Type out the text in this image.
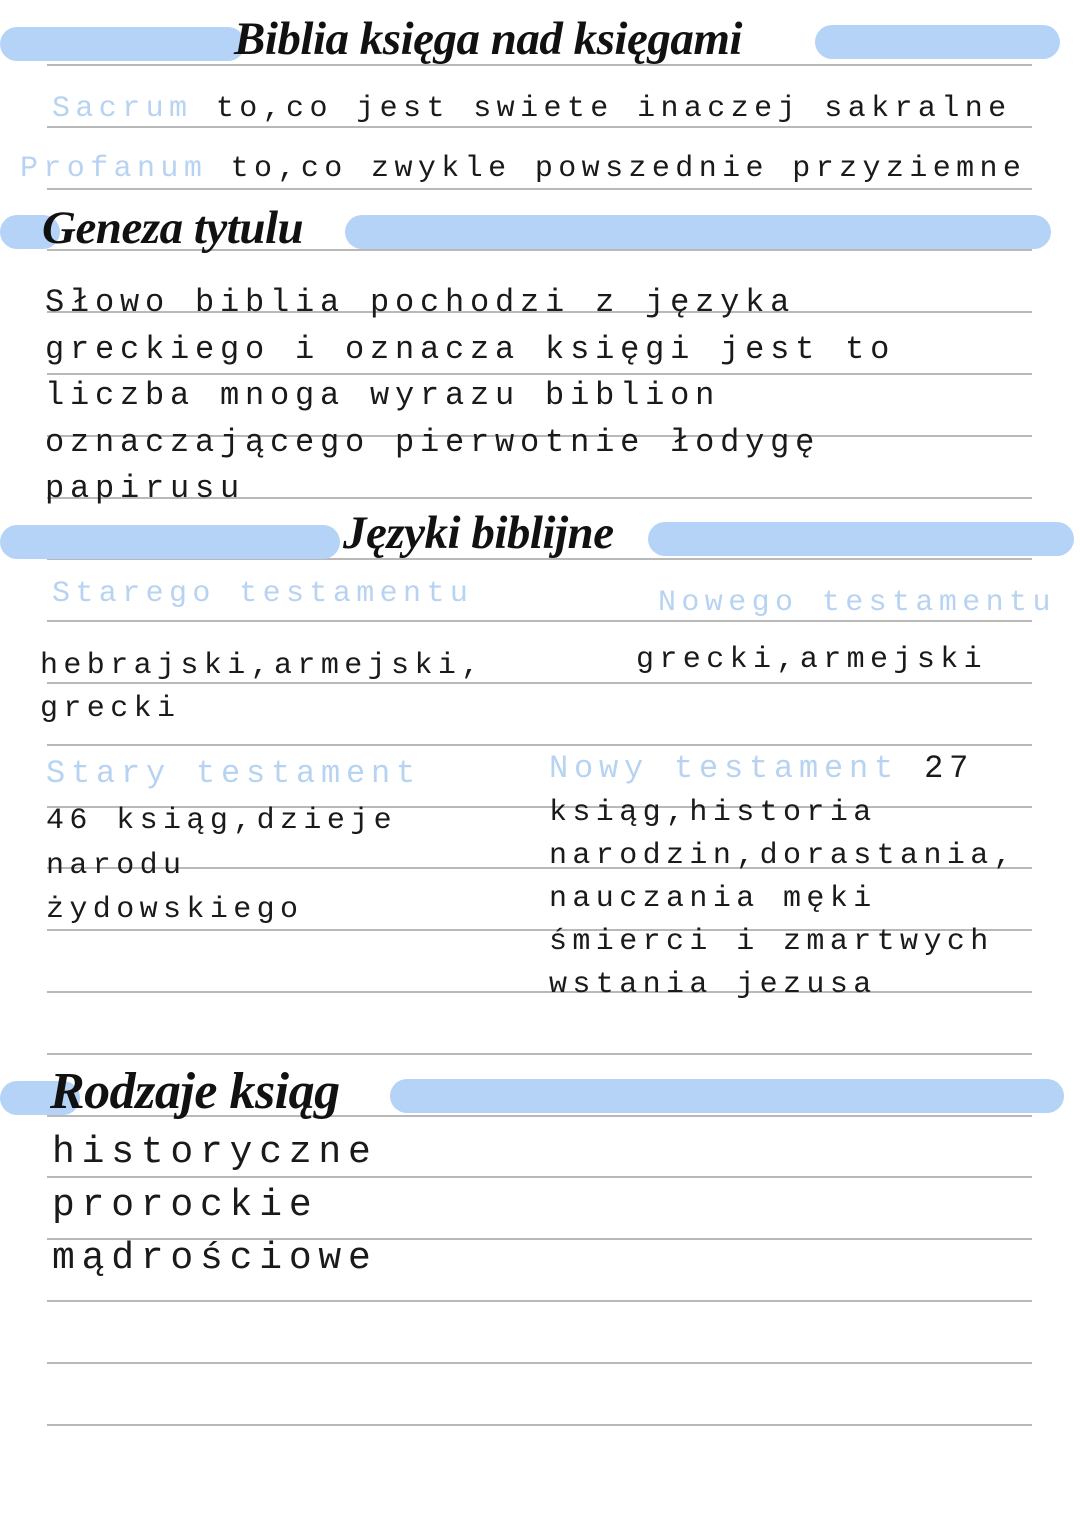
Biblia księga nad księgami
Sacrum to,co jest swiete inaczej sakralne
Profanum to,co zwykle powszednie przyziemne
Geneza tytulu
Słowo biblia pochodzi z języka
greckiego i oznacza księgi jest to
liczba mnoga wyrazu biblion
oznaczającego pierwotnie łodygę
papirusu
Języki biblijne
Starego testamentu	Nowego testamentu
hebrajski,armejski,
grecki
grecki,armejski
Stary testament
46 ksiąg,dzieje
narodu
żydowskiego
Nowy testament 27
ksiąg,historia
narodzin,dorastania,
nauczania męki
śmierci i zmartwych
wstania jezusa
Rodzaje ksiąg
historyczne
prorockie
mądrościowe
